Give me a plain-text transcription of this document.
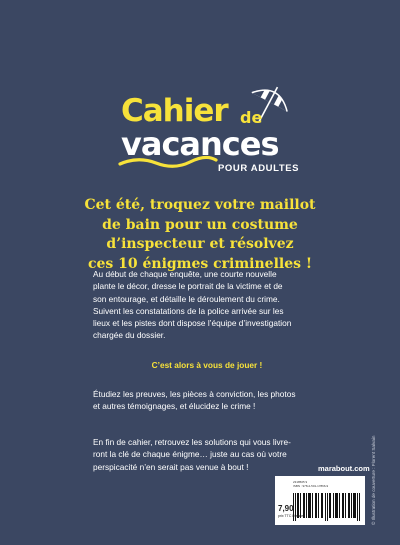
Cahier de
vacances
POUR ADULTES
Cet été, troquez votre maillot
de bain pour un costume
d’inspecteur et résolvez
ces 10 énigmes criminelles !

Au début de chaque enquête, une courte nouvelle
plante le décor, dresse le portrait de la victime et de
son entourage, et détaille le déroulement du crime.
Suivent les constatations de la police arrivée sur les
lieux et les pistes dont dispose l’équipe d’investigation
chargée du dossier.

C’est alors à vous de jouer !

Étudiez les preuves, les pièces à conviction, les photos
et autres témoignages, et élucidez le crime !

En fin de cahier, retrouvez les solutions qui vous livre-
ront la clé de chaque énigme… juste au cas où votre
perspicacité n’en serait pas venue à bout !	marabout.com
2318505 9
ISBN : 978-2-501-17866-9
7,90
prix TTC France	© Illustration de couverture : Florent Salvain
